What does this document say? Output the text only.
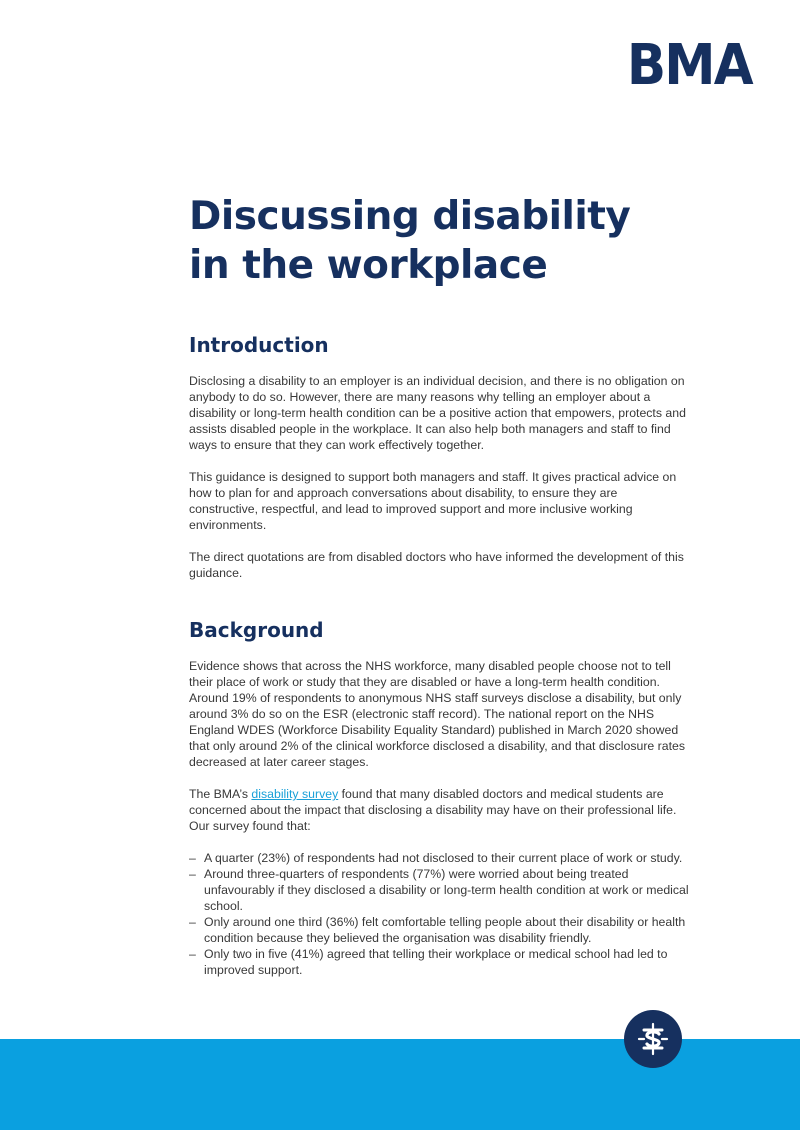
BMA
Discussing disability
in the workplace
Introduction

Disclosing a disability to an employer is an individual decision, and there is no obligation on anybody to do so. However, there are many reasons why telling an employer about a disability or long-term health condition can be a positive action that empowers, protects and assists disabled people in the workplace. It can also help both managers and staff to find ways to ensure that they can work effectively together.

This guidance is designed to support both managers and staff. It gives practical advice on how to plan for and approach conversations about disability, to ensure they are constructive, respectful, and lead to improved support and more inclusive working environments.

The direct quotations are from disabled doctors who have informed the development of this guidance.

Background

Evidence shows that across the NHS workforce, many disabled people choose not to tell their place of work or study that they are disabled or have a long-term health condition. Around 19% of respondents to anonymous NHS staff surveys disclose a disability, but only around 3% do so on the ESR (electronic staff record). The national report on the NHS England WDES (Workforce Disability Equality Standard) published in March 2020 showed that only around 2% of the clinical workforce disclosed a disability, and that disclosure rates decreased at later career stages.

The BMA’s disability survey found that many disabled doctors and medical students are concerned about the impact that disclosing a disability may have on their professional life. Our survey found that:

– A quarter (23%) of respondents had not disclosed to their current place of work or study.
– Around three-quarters of respondents (77%) were worried about being treated unfavourably if they disclosed a disability or long-term health condition at work or medical school.
– Only around one third (36%) felt comfortable telling people about their disability or health condition because they believed the organisation was disability friendly.
– Only two in five (41%) agreed that telling their workplace or medical school had led to improved support.
